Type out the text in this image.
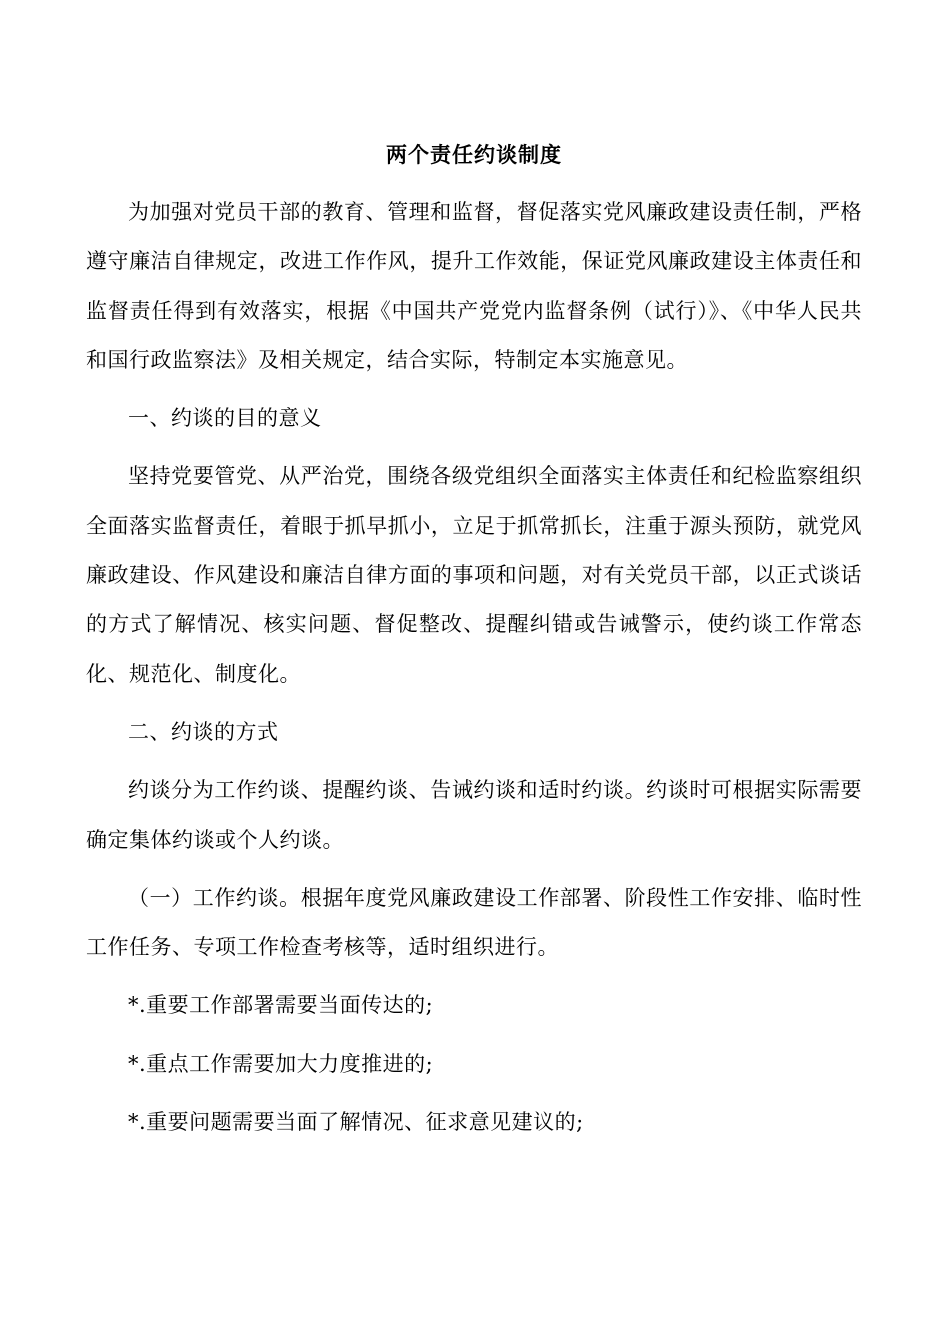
两个责任约谈制度

为加强对党员干部的教育、管理和监督，督促落实党风廉政建设责任制，严格遵守廉洁自律规定，改进工作作风，提升工作效能，保证党风廉政建设主体责任和监督责任得到有效落实，根据《中国共产党党内监督条例（试行）》、《中华人民共和国行政监察法》及相关规定，结合实际，特制定本实施意见。

一、约谈的目的意义

坚持党要管党、从严治党，围绕各级党组织全面落实主体责任和纪检监察组织全面落实监督责任，着眼于抓早抓小，立足于抓常抓长，注重于源头预防，就党风廉政建设、作风建设和廉洁自律方面的事项和问题，对有关党员干部，以正式谈话的方式了解情况、核实问题、督促整改、提醒纠错或告诫警示，使约谈工作常态化、规范化、制度化。

二、约谈的方式

约谈分为工作约谈、提醒约谈、告诫约谈和适时约谈。约谈时可根据实际需要确定集体约谈或个人约谈。

（一）工作约谈。根据年度党风廉政建设工作部署、阶段性工作安排、临时性工作任务、专项工作检查考核等，适时组织进行。

*.重要工作部署需要当面传达的;

*.重点工作需要加大力度推进的;

*.重要问题需要当面了解情况、征求意见建议的;
